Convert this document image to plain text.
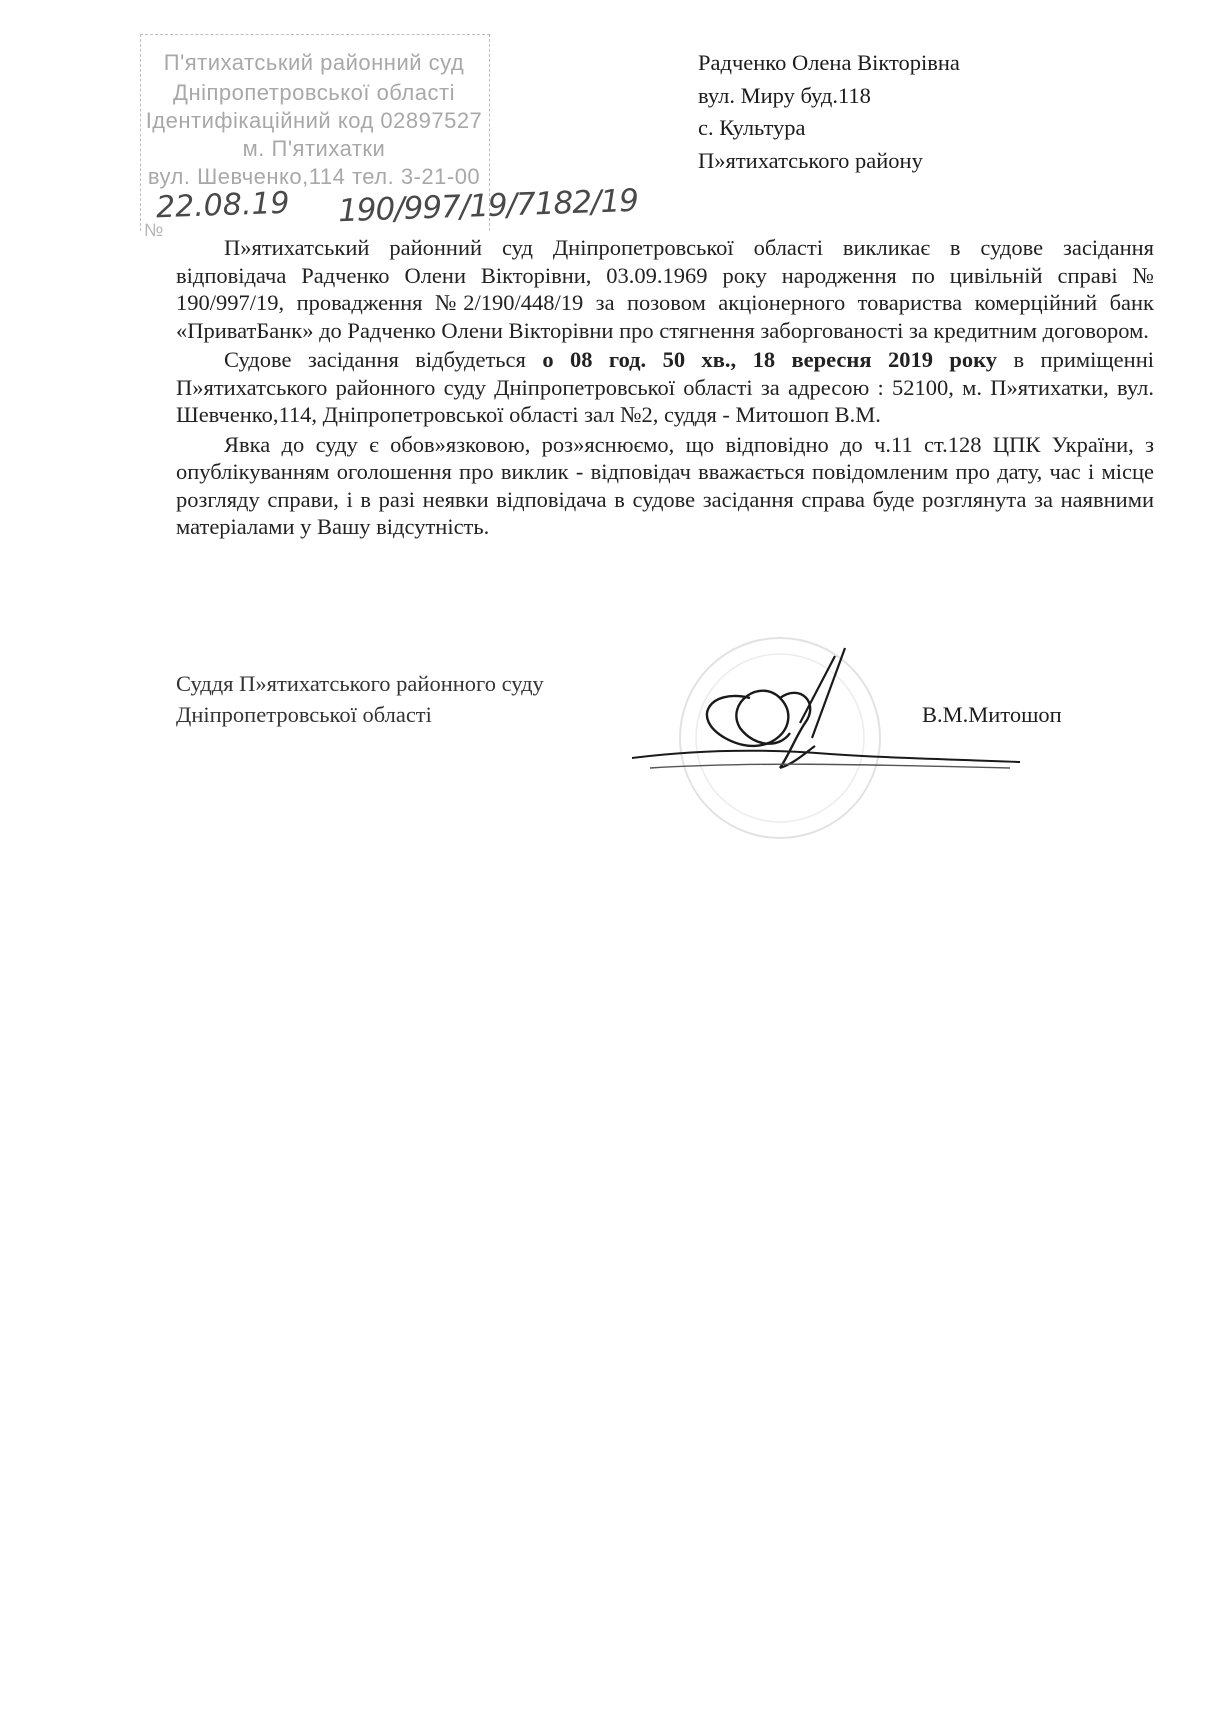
П'ятихатський районний суд
Дніпропетровської області
Ідентифікаційний код 02897527
м. П'ятихатки
вул. Шевченко,114 тел. 3-21-00
22.08.19 190/997/19/7182/19
№
Радченко Олена Вікторівна
вул. Миру буд.118
с. Культура
П»ятихатського району

П»ятихатський районний суд Дніпропетровської області викликає в судове засідання відповідача Радченко Олени Вікторівни, 03.09.1969 року народження по цивільній справі № 190/997/19, провадження №2/190/448/19 за позовом акціонерного товариства комерційний банк «ПриватБанк» до Радченко Олени Вікторівни про стягнення заборгованості за кредитним договором.

Судове засідання відбудеться о 08 год. 50 хв., 18 вересня 2019 року в приміщенні П»ятихатського районного суду Дніпропетровської області за адресою : 52100, м. П»ятихатки, вул. Шевченко,114, Дніпропетровської області зал №2, суддя - Митошоп В.М.

Явка до суду є обов»язковою, роз»яснюємо, що відповідно до ч.11 ст.128 ЦПК України, з опублікуванням оголошення про виклик - відповідач вважається повідомленим про дату, час і місце розгляду справи, і в разі неявки відповідача в судове засідання справа буде розглянута за наявними матеріалами у Вашу відсутність.

Суддя П»ятихатського районного суду
Дніпропетровської області	В.М.Митошоп
